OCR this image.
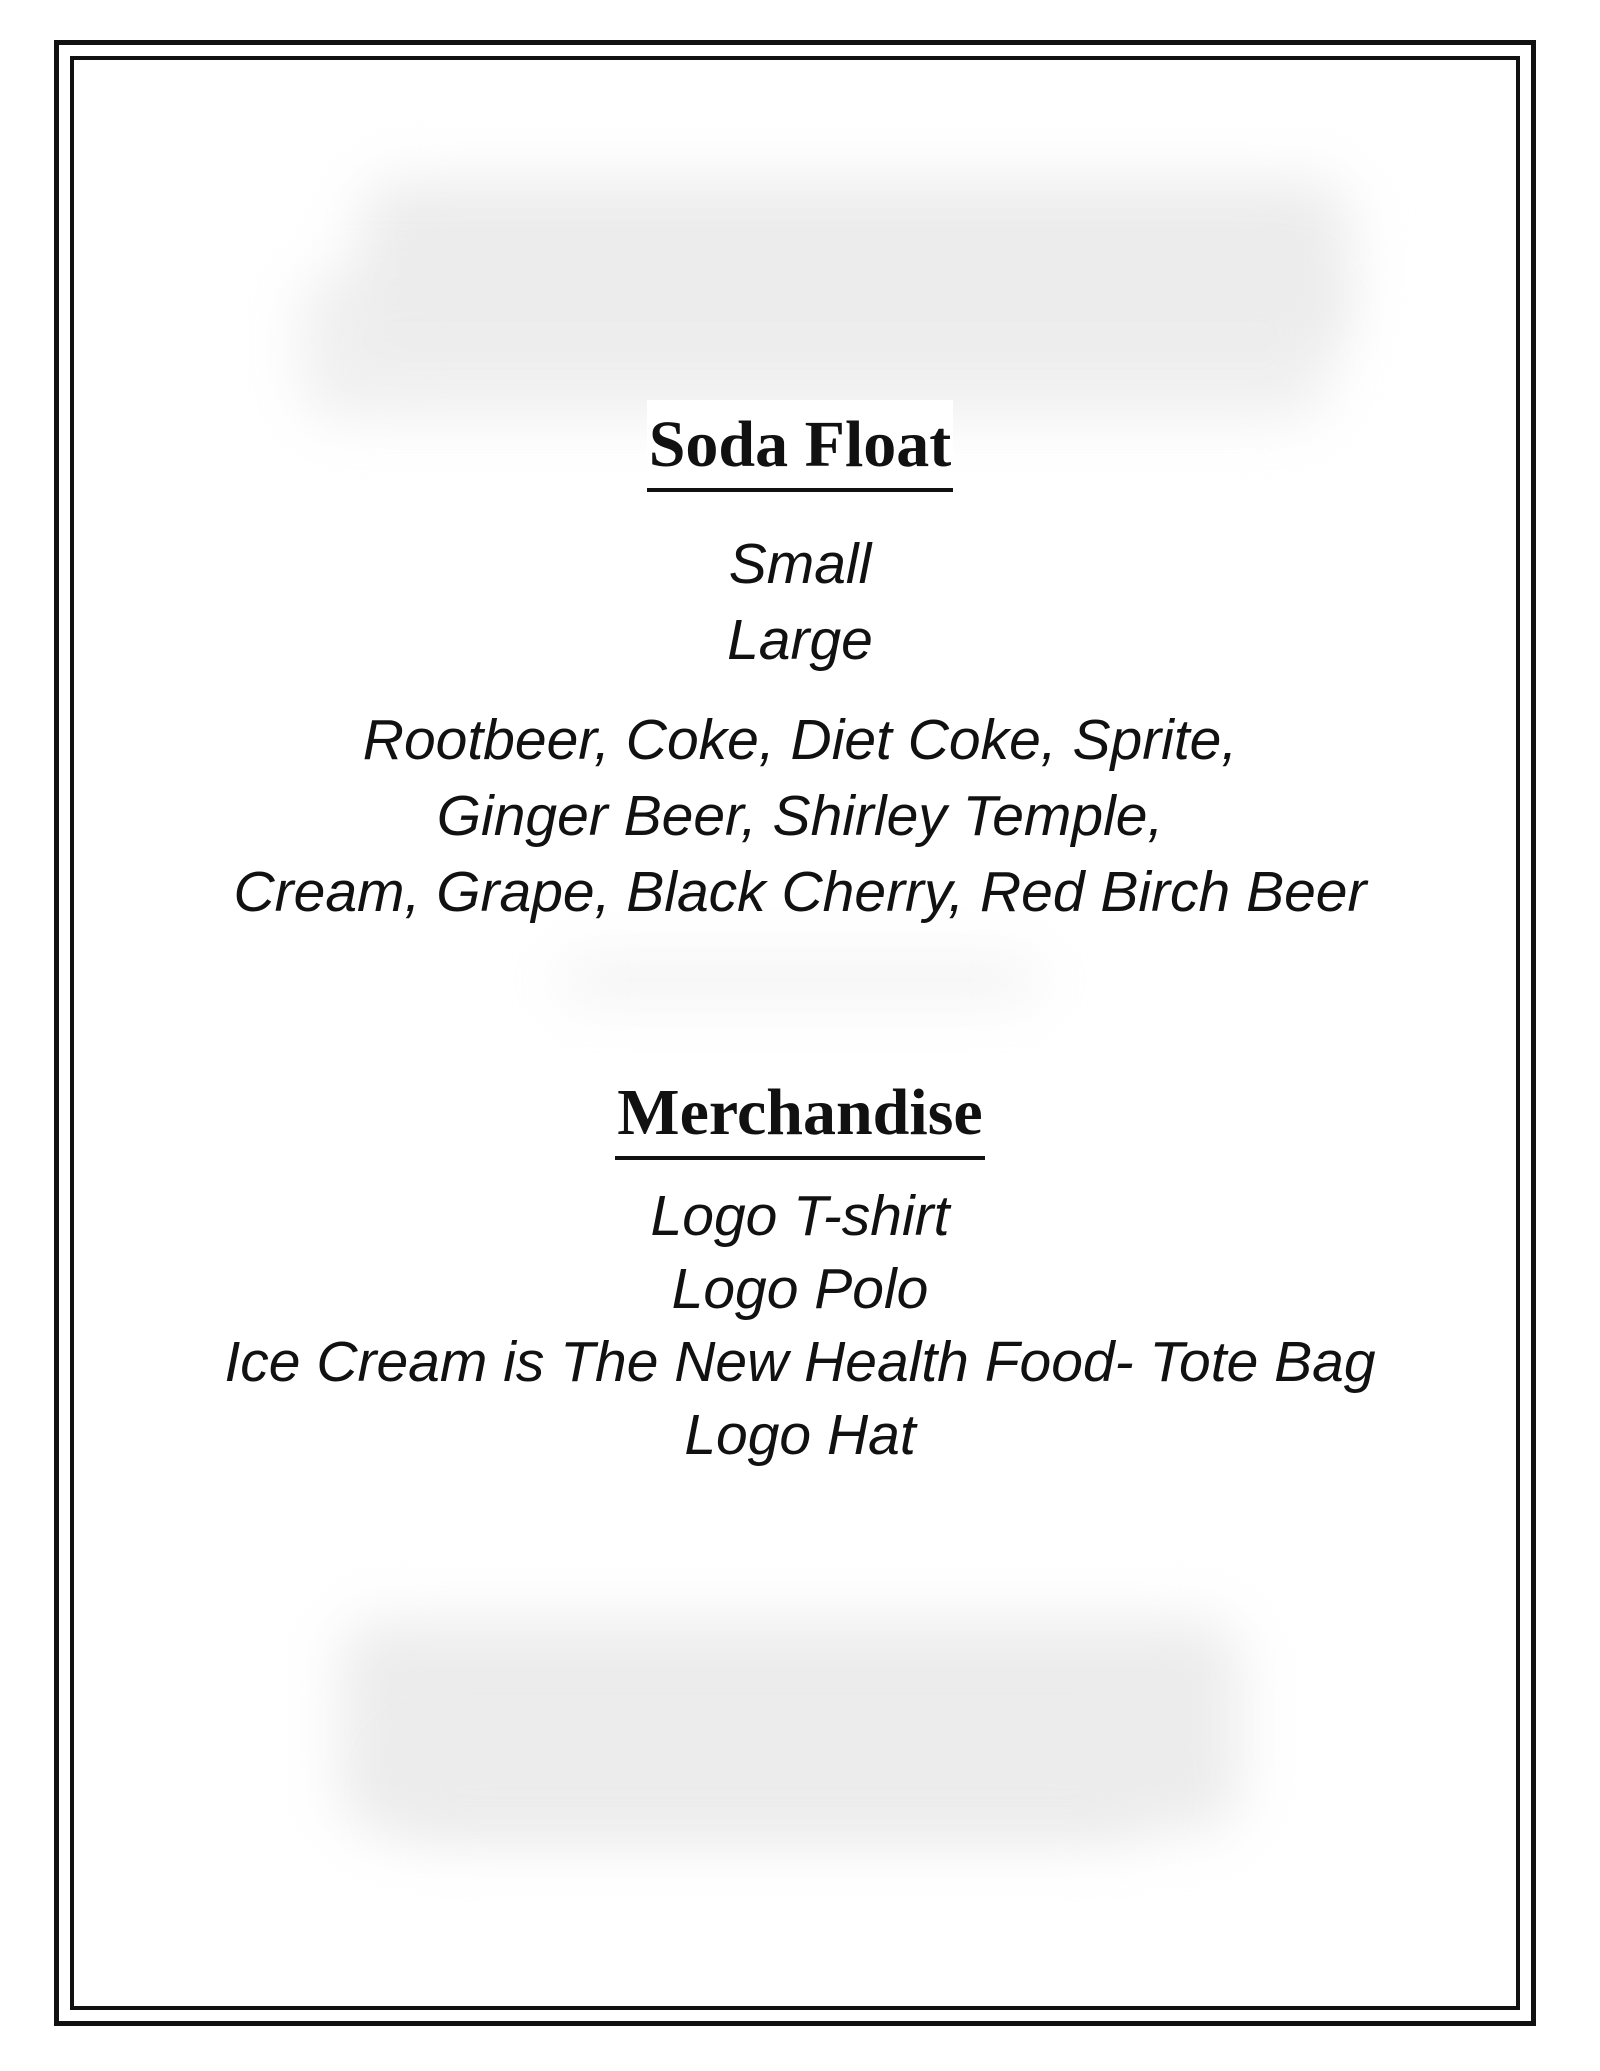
Soda Float
Small
Large
Rootbeer, Coke, Diet Coke, Sprite,
Ginger Beer, Shirley Temple,
Cream, Grape, Black Cherry, Red Birch Beer
Merchandise
Logo T-shirt
Logo Polo
Ice Cream is The New Health Food- Tote Bag
Logo Hat
